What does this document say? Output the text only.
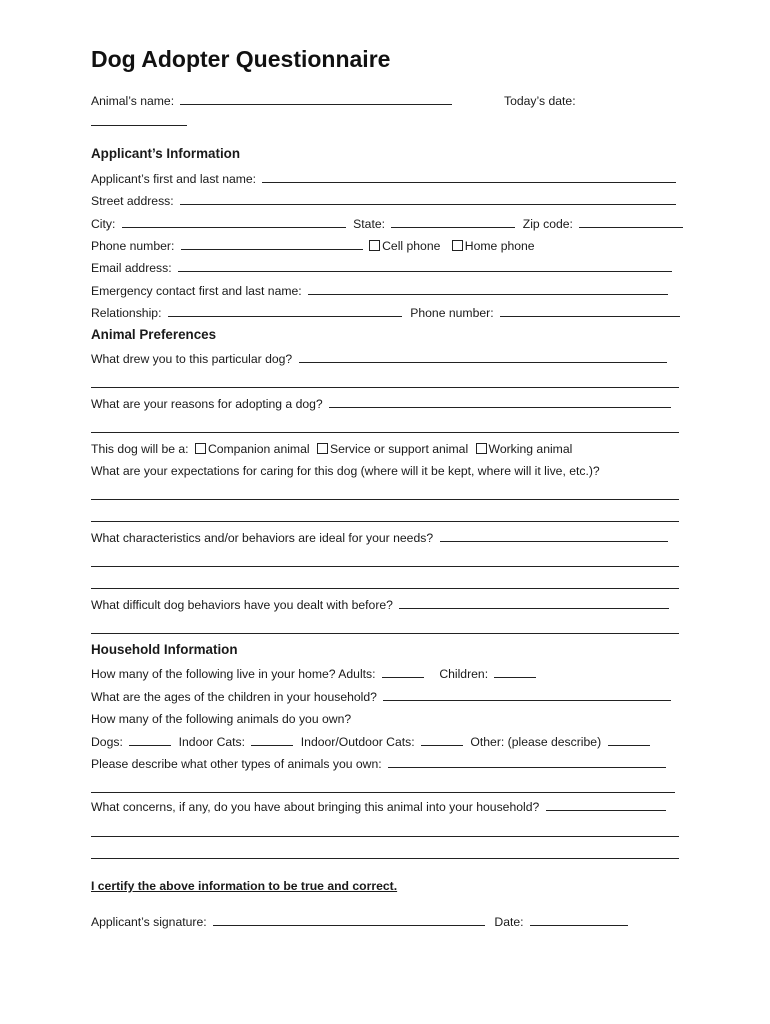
Dog Adopter Questionnaire
Animal’s name:	Today’s date:
Applicant’s Information
Applicant’s first and last name:
Street address:
City:	State:	Zip code:
Phone number:	Cell phone Home phone
Email address:
Emergency contact first and last name:
Relationship:	Phone number:
Animal Preferences
What drew you to this particular dog?
What are your reasons for adopting a dog?
This dog will be a: Companion animal Service or support animal Working animal
What are your expectations for caring for this dog (where will it be kept, where will it live, etc.)?
What characteristics and/or behaviors are ideal for your needs?
What difficult dog behaviors have you dealt with before?
Household Information
How many of the following live in your home? Adults:	Children:
What are the ages of the children in your household?
How many of the following animals do you own?
Dogs:	Indoor Cats:	Indoor/Outdoor Cats:	Other: (please describe)
Please describe what other types of animals you own:
What concerns, if any, do you have about bringing this animal into your household?
I certify the above information to be true and correct.
Applicant’s signature:	Date:
